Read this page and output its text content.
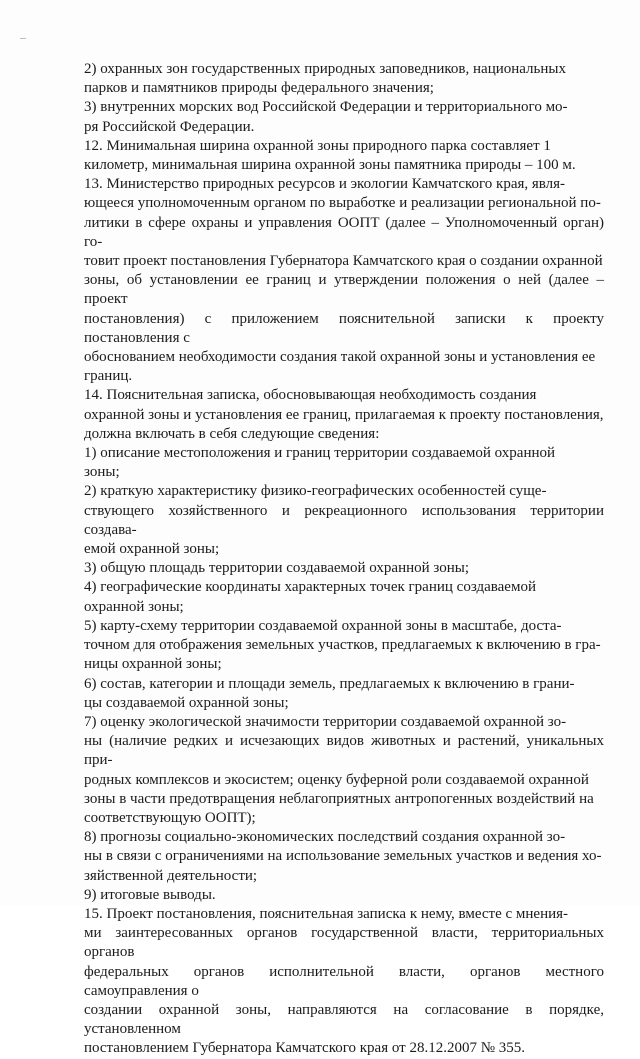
2) охранных зон государственных природных заповедников, национальных
парков и памятников природы федерального значения;
3) внутренних морских вод Российской Федерации и территориального мо-
ря Российской Федерации.
12. Минимальная ширина охранной зоны природного парка составляет 1
километр, минимальная ширина охранной зоны памятника природы – 100 м.
13. Министерство природных ресурсов и экологии Камчатского края, явля-
ющееся уполномоченным органом по выработке и реализации региональной по-
литики в сфере охраны и управления ООПТ (далее – Уполномоченный орган) го-
товит проект постановления Губернатора Камчатского края о создании охранной
зоны, об установлении ее границ и утверждении положения о ней (далее – проект
постановления) с приложением пояснительной записки к проекту постановления с
обоснованием необходимости создания такой охранной зоны и установления ее
границ.
14. Пояснительная записка, обосновывающая необходимость создания
охранной зоны и установления ее границ, прилагаемая к проекту постановления,
должна включать в себя следующие сведения:
1) описание местоположения и границ территории создаваемой охранной
зоны;
2) краткую характеристику физико-географических особенностей суще-
ствующего хозяйственного и рекреационного использования территории создава-
емой охранной зоны;
3) общую площадь территории создаваемой охранной зоны;
4) географические координаты характерных точек границ создаваемой
охранной зоны;
5) карту-схему территории создаваемой охранной зоны в масштабе, доста-
точном для отображения земельных участков, предлагаемых к включению в гра-
ницы охранной зоны;
6) состав, категории и площади земель, предлагаемых к включению в грани-
цы создаваемой охранной зоны;
7) оценку экологической значимости территории создаваемой охранной зо-
ны (наличие редких и исчезающих видов животных и растений, уникальных при-
родных комплексов и экосистем; оценку буферной роли создаваемой охранной
зоны в части предотвращения неблагоприятных антропогенных воздействий на
соответствующую ООПТ);
8) прогнозы социально-экономических последствий создания охранной зо-
ны в связи с ограничениями на использование земельных участков и ведения хо-
зяйственной деятельности;
9) итоговые выводы.
15. Проект постановления, пояснительная записка к нему, вместе с мнения-
ми заинтересованных органов государственной власти, территориальных органов
федеральных органов исполнительной власти, органов местного самоуправления о
создании охранной зоны, направляются на согласование в порядке, установленном
постановлением Губернатора Камчатского края от 28.12.2007 № 355.
